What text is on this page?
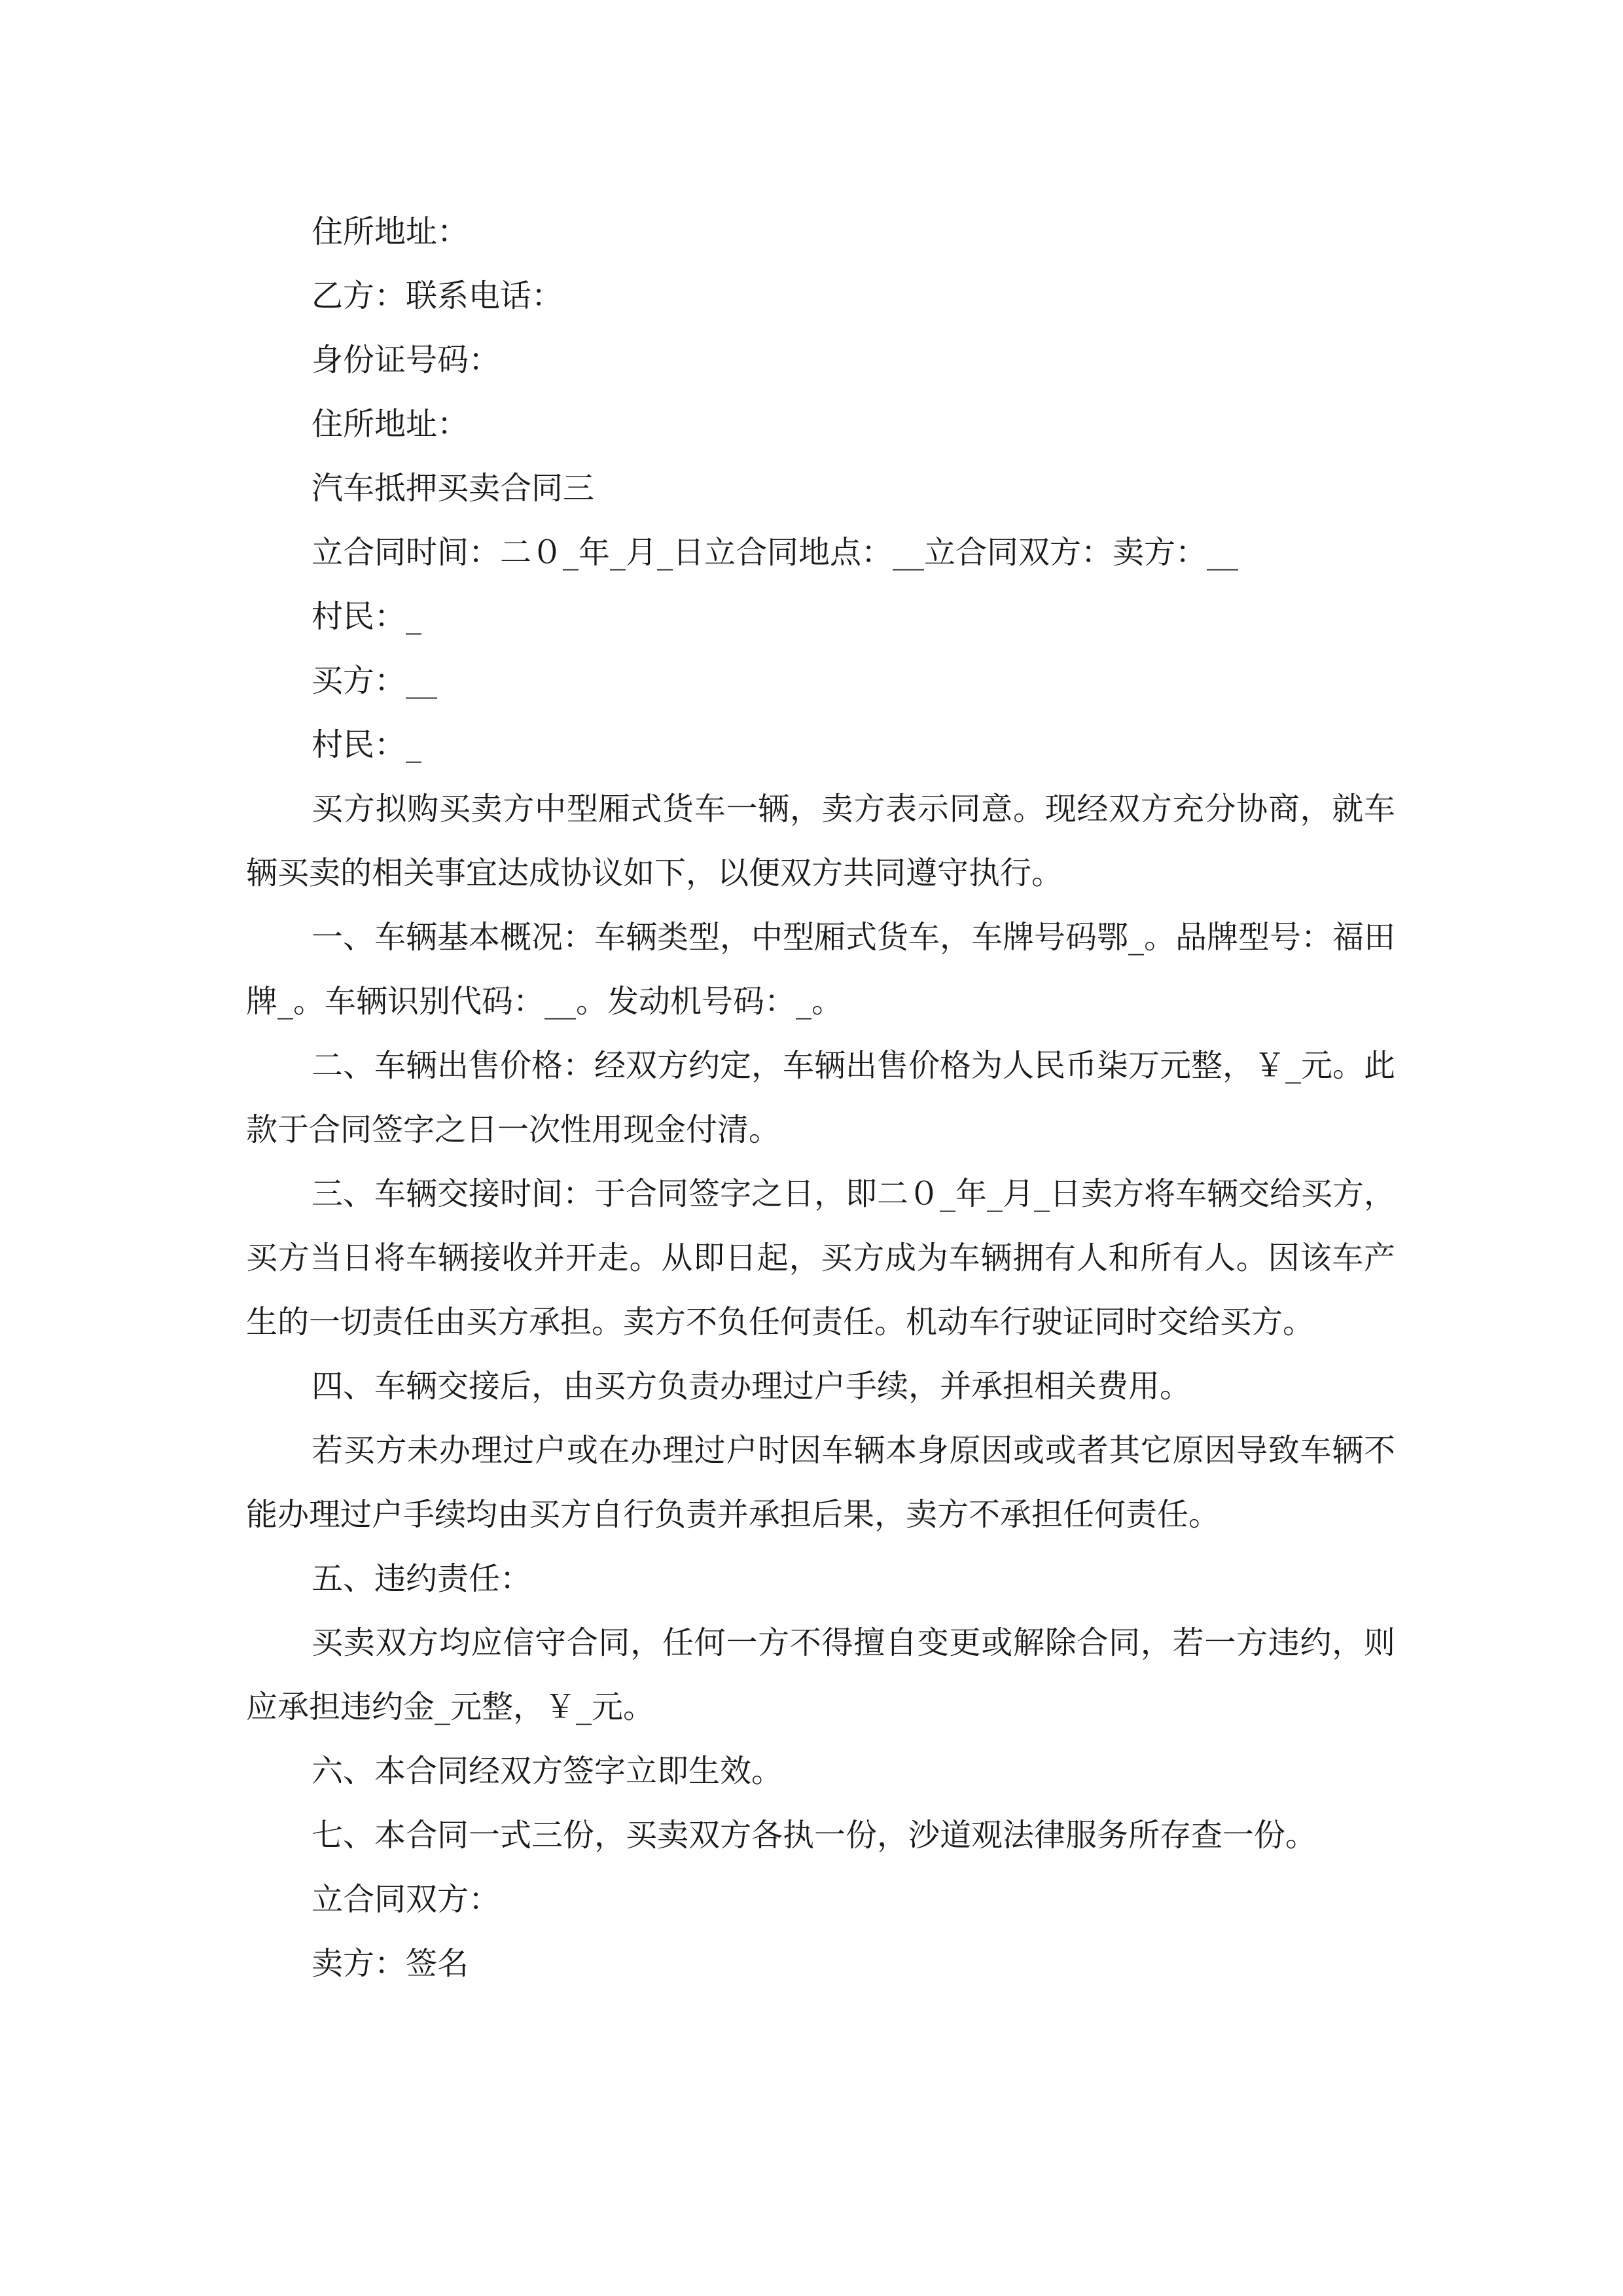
住所地址：

乙方：联系电话：

身份证号码：

住所地址：

汽车抵押买卖合同三

立合同时间：二０_年_月_日立合同地点：__立合同双方：卖方：__

村民：_

买方：__

村民：_

买方拟购买卖方中型厢式货车一辆，卖方表示同意。现经双方充分协商，就车辆买卖的相关事宜达成协议如下，以便双方共同遵守执行。

一、车辆基本概况：车辆类型，中型厢式货车，车牌号码鄂_。品牌型号：福田牌_。车辆识别代码：__。发动机号码：_。

二、车辆出售价格：经双方约定，车辆出售价格为人民币柒万元整，￥_元。此款于合同签字之日一次性用现金付清。

三、车辆交接时间：于合同签字之日，即二０_年_月_日卖方将车辆交给买方，买方当日将车辆接收并开走。从即日起，买方成为车辆拥有人和所有人。因该车产生的一切责任由买方承担。卖方不负任何责任。机动车行驶证同时交给买方。

四、车辆交接后，由买方负责办理过户手续，并承担相关费用。

若买方未办理过户或在办理过户时因车辆本身原因或或者其它原因导致车辆不能办理过户手续均由买方自行负责并承担后果，卖方不承担任何责任。

五、违约责任：

买卖双方均应信守合同，任何一方不得擅自变更或解除合同，若一方违约，则应承担违约金_元整，￥_元。

六、本合同经双方签字立即生效。

七、本合同一式三份，买卖双方各执一份，沙道观法律服务所存查一份。

立合同双方：

卖方：签名
